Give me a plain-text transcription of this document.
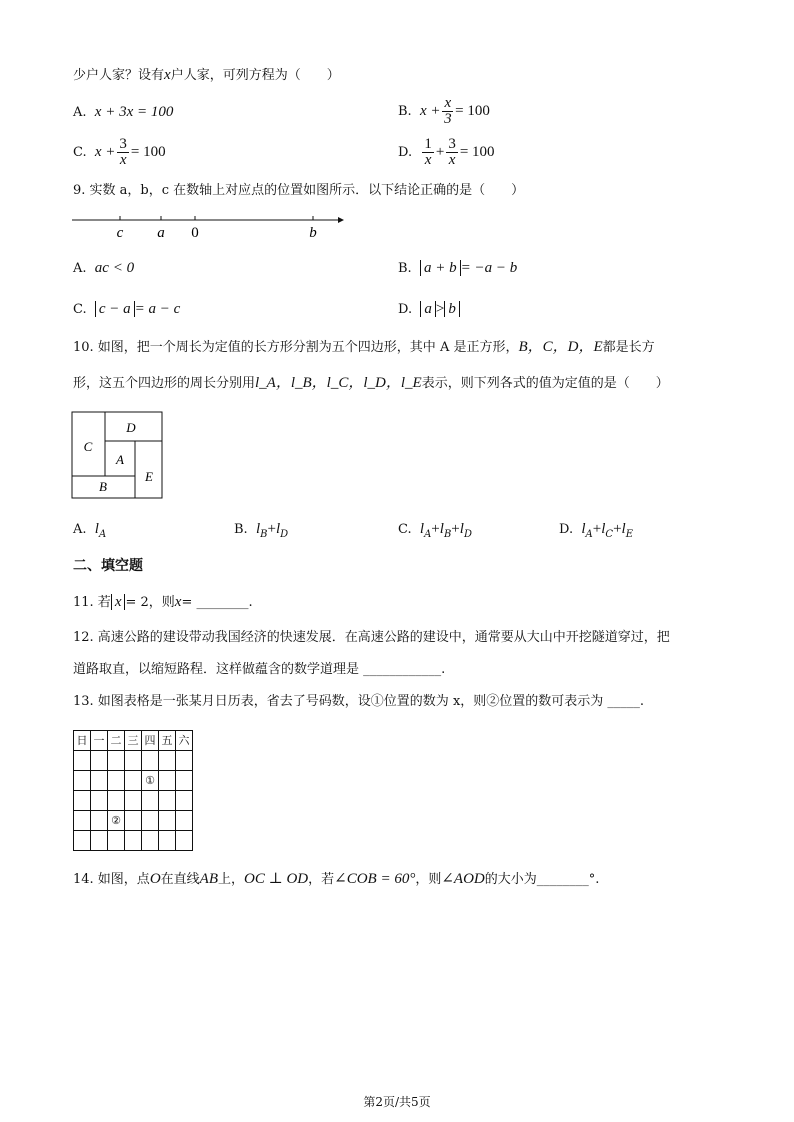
少户人家？设有x户人家，可列方程为（　　）
A. x + 3x = 100	B. $x + \frac{x}{3} = 100$
C. $x + \frac{3}{x} = 100$	D. $\frac{1}{x} + \frac{3}{x} = 100$
9. 实数 a，b，c 在数轴上对应点的位置如图所示．以下结论正确的是（　　）
c a 0	b
A. ac < 0	B. a + b = −a − b
C. c − a = a − c	D. a > b
10. 如图，把一个周长为定值的长方形分割为五个四边形，其中 A 是正方形，B，C，D，E都是长方
形，这五个四边形的周长分别用l_A，l_B，l_C，l_D，l_E表示，则下列各式的值为定值的是（　　）
C
D
A
E
B
A. $l_A$	B. $l_B+l_D$	C. $l_A+l_B+l_D$	D. $l_A+l_C+l_E$
二、填空题
11. 若 x = 2，则x= ________.
12. 高速公路的建设带动我国经济的快速发展．在高速公路的建设中，通常要从大山中开挖隧道穿过，把
道路取直，以缩短路程．这样做蕴含的数学道理是 ____________.
13. 如图表格是一张某月日历表，省去了号码数，设①位置的数为 x，则②位置的数可表示为 _____.
日	一	二	三	四	五	六

				①		

		②				

14. 如图，点O在直线AB上，OC ⊥ OD，若∠COB = 60°，则∠AOD的大小为________°.
第2页/共5页
